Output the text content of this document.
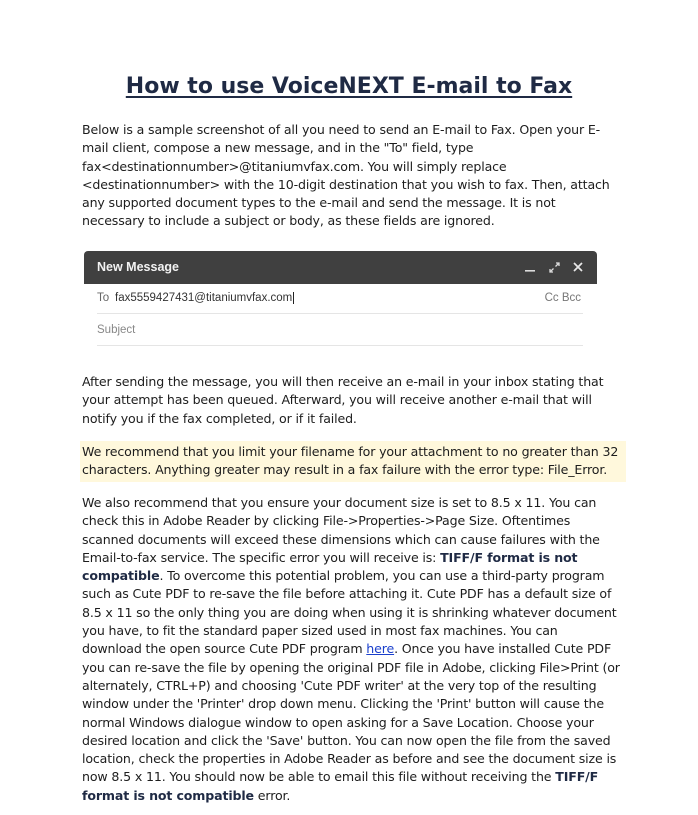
How to use VoiceNEXT E-mail to Fax

Below is a sample screenshot of all you need to send an E-mail to Fax. Open your E-mail client, compose a new message, and in the "To" field, type fax<destinationnumber>@titaniumvfax.com. You will simply replace <destinationnumber> with the 10-digit destination that you wish to fax. Then, attach any supported document types to the e-mail and send the message. It is not necessary to include a subject or body, as these fields are ignored.

New Message
To fax5559427431@titaniumvfax.com	Cc Bcc
Subject

After sending the message, you will then receive an e-mail in your inbox stating that your attempt has been queued. Afterward, you will receive another e-mail that will notify you if the fax completed, or if it failed.

We recommend that you limit your filename for your attachment to no greater than 32 characters. Anything greater may result in a fax failure with the error type: File_Error.

We also recommend that you ensure your document size is set to 8.5 x 11. You can check this in Adobe Reader by clicking File->Properties->Page Size. Oftentimes scanned documents will exceed these dimensions which can cause failures with the Email-to-fax service. The specific error you will receive is: TIFF/F format is not compatible. To overcome this potential problem, you can use a third-party program such as Cute PDF to re-save the file before attaching it. Cute PDF has a default size of 8.5 x 11 so the only thing you are doing when using it is shrinking whatever document you have, to fit the standard paper sized used in most fax machines. You can download the open source Cute PDF program here. Once you have installed Cute PDF you can re-save the file by opening the original PDF file in Adobe, clicking File>Print (or alternately, CTRL+P) and choosing 'Cute PDF writer' at the very top of the resulting window under the 'Printer' drop down menu. Clicking the 'Print' button will cause the normal Windows dialogue window to open asking for a Save Location. Choose your desired location and click the 'Save' button. You can now open the file from the saved location, check the properties in Adobe Reader as before and see the document size is now 8.5 x 11. You should now be able to email this file without receiving the TIFF/F format is not compatible error.
